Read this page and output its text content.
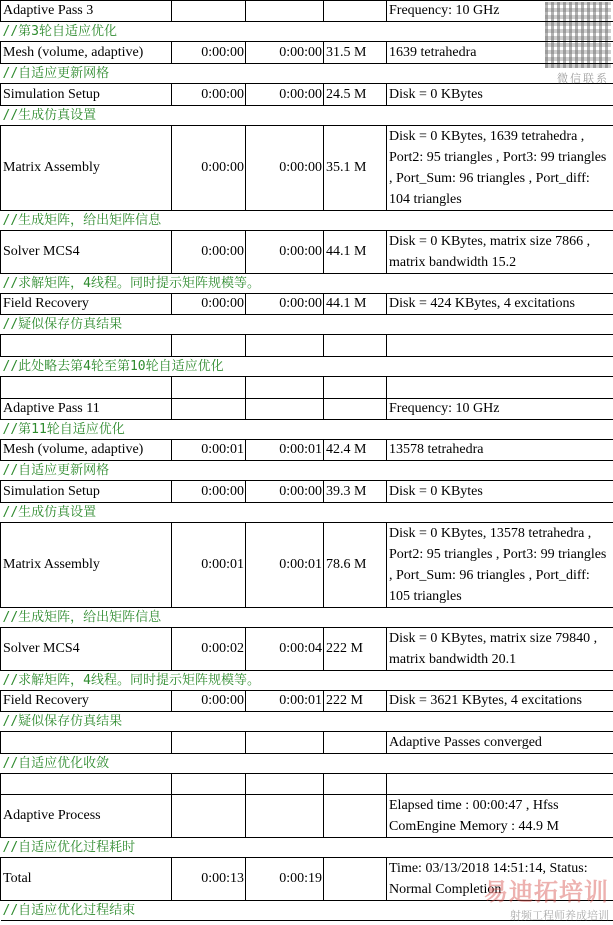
Adaptive Pass 3				Frequency: 10 GHz
//第3轮自适应优化				
Mesh (volume, adaptive)	0:00:00	0:00:00	31.5 M	1639 tetrahedra
//自适应更新网格				
Simulation Setup	0:00:00	0:00:00	24.5 M	Disk = 0 KBytes
//生成仿真设置				
Matrix Assembly	0:00:00	0:00:00	35.1 M	Disk = 0 KBytes, 1639 tetrahedra , Port2: 95 triangles , Port3: 99 triangles , Port_Sum: 96 triangles , Port_diff: 104 triangles
//生成矩阵，给出矩阵信息				
Solver MCS4	0:00:00	0:00:00	44.1 M	Disk = 0 KBytes, matrix size 7866 , matrix bandwidth 15.2
//求解矩阵，4线程。同时提示矩阵规模等。				
Field Recovery	0:00:00	0:00:00	44.1 M	Disk = 424 KBytes, 4 excitations
//疑似保存仿真结果				

//此处略去第4轮至第10轮自适应优化				

Adaptive Pass 11				Frequency: 10 GHz
//第11轮自适应优化				
Mesh (volume, adaptive)	0:00:01	0:00:01	42.4 M	13578 tetrahedra
//自适应更新网格				
Simulation Setup	0:00:00	0:00:00	39.3 M	Disk = 0 KBytes
//生成仿真设置				
Matrix Assembly	0:00:01	0:00:01	78.6 M	Disk = 0 KBytes, 13578 tetrahedra , Port2: 95 triangles , Port3: 99 triangles , Port_Sum: 96 triangles , Port_diff: 105 triangles
//生成矩阵，给出矩阵信息				
Solver MCS4	0:00:02	0:00:04	222 M	Disk = 0 KBytes, matrix size 79840 , matrix bandwidth 20.1
//求解矩阵，4线程。同时提示矩阵规模等。				
Field Recovery	0:00:00	0:00:01	222 M	Disk = 3621 KBytes, 4 excitations
//疑似保存仿真结果				
				Adaptive Passes converged
//自适应优化收敛				

Adaptive Process				Elapsed time : 00:00:47 , Hfss ComEngine Memory : 44.9 M
//自适应优化过程耗时				
Total	0:00:13	0:00:19		Time: 03/13/2018 14:51:14, Status: Normal Completion
//自适应优化过程结束				
微信联系
易迪拓培训
射频工程师养成培训
